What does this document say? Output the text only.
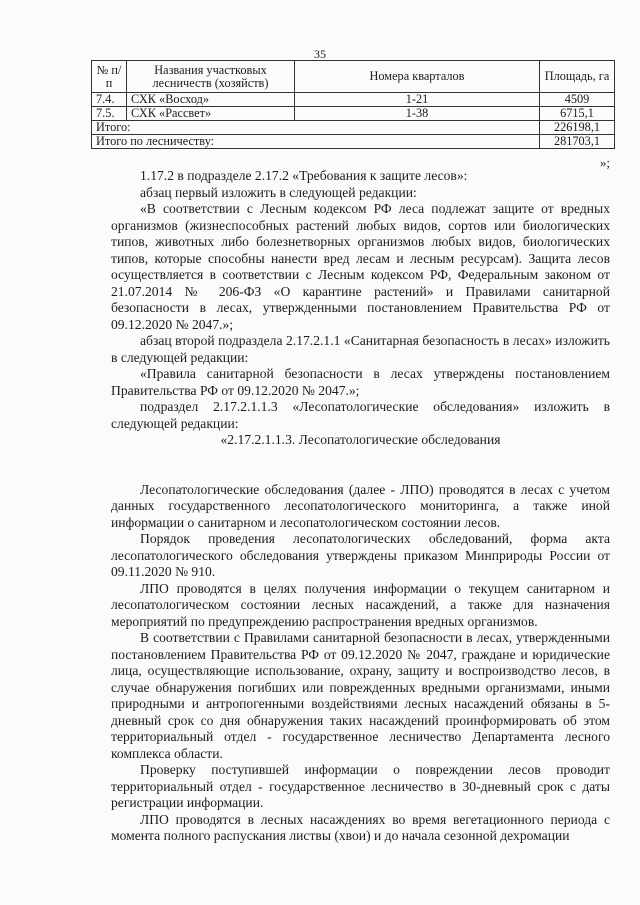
35
№ п/п	Названия участковых лесничеств (хозяйств)	Номера кварталов	Площадь, га
7.4.	СХК «Восход»	1-21	4509
7.5.	СХК «Рассвет»	1-38	6715,1
Итого:			226198,1
Итого по лесничеству:			281703,1
»;

1.17.2 в подразделе 2.17.2 «Требования к защите лесов»:

абзац первый изложить в следующей редакции:

«В соответствии с Лесным кодексом РФ леса подлежат защите от вредных организмов (жизнеспособных растений любых видов, сортов или биологических типов, животных либо болезнетворных организмов любых видов, биологических типов, которые способны нанести вред лесам и лесным ресурсам). Защита лесов осуществляется в соответствии с Лесным кодексом РФ, Федеральным законом от 21.07.2014 № 206-ФЗ «О карантине растений» и Правилами санитарной безопасности в лесах, утвержденными постановлением Правительства РФ от 09.12.2020 № 2047.»;

абзац второй подраздела 2.17.2.1.1 «Санитарная безопасность в лесах» изложить в следующей редакции:

«Правила санитарной безопасности в лесах утверждены постановлением Правительства РФ от 09.12.2020 № 2047.»;

подраздел 2.17.2.1.1.3 «Лесопатологические обследования» изложить в следующей редакции:

«2.17.2.1.1.3. Лесопатологические обследования

Лесопатологические обследования (далее - ЛПО) проводятся в лесах с учетом данных государственного лесопатологического мониторинга, а также иной информации о санитарном и лесопатологическом состоянии лесов.

Порядок проведения лесопатологических обследований, форма акта лесопатологического обследования утверждены приказом Минприроды России от 09.11.2020 № 910.

ЛПО проводятся в целях получения информации о текущем санитарном и лесопатологическом состоянии лесных насаждений, а также для назначения мероприятий по предупреждению распространения вредных организмов.

В соответствии с Правилами санитарной безопасности в лесах, утвержденными постановлением Правительства РФ от 09.12.2020 № 2047, граждане и юридические лица, осуществляющие использование, охрану, защиту и воспроизводство лесов, в случае обнаружения погибших или поврежденных вредными организмами, иными природными и антропогенными воздействиями лесных насаждений обязаны в 5-дневный срок со дня обнаружения таких насаждений проинформировать об этом территориальный отдел - государственное лесничество Департамента лесного комплекса области.

Проверку поступившей информации о повреждении лесов проводит территориальный отдел - государственное лесничество в 30-дневный срок с даты регистрации информации.

ЛПО проводятся в лесных насаждениях во время вегетационного периода с момента полного распускания листвы (хвои) и до начала сезонной дехромации
